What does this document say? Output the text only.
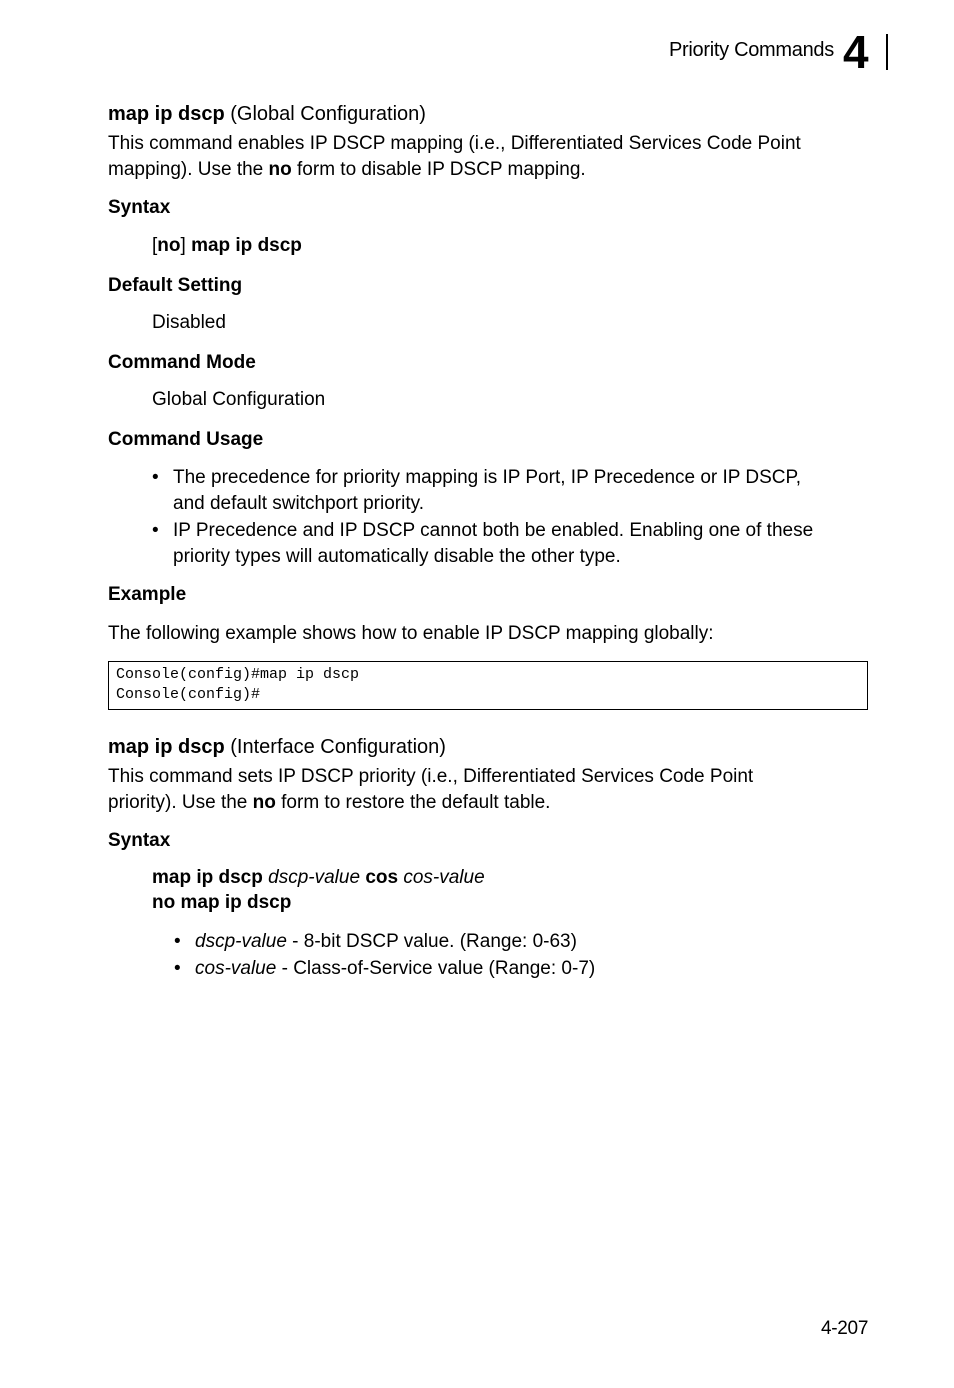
Priority Commands 4
map ip dscp (Global Configuration)
This command enables IP DSCP mapping (i.e., Differentiated Services Code Point
mapping). Use the no form to disable IP DSCP mapping.
Syntax
[no] map ip dscp
Default Setting
Disabled
Command Mode
Global Configuration
Command Usage
• The precedence for priority mapping is IP Port, IP Precedence or IP DSCP,
and default switchport priority.
• IP Precedence and IP DSCP cannot both be enabled. Enabling one of these
priority types will automatically disable the other type.
Example
The following example shows how to enable IP DSCP mapping globally:
Console(config)#map ip dscp
Console(config)#
map ip dscp (Interface Configuration)
This command sets IP DSCP priority (i.e., Differentiated Services Code Point
priority). Use the no form to restore the default table.
Syntax
map ip dscp dscp-value cos cos-value
no map ip dscp
• dscp-value - 8-bit DSCP value. (Range: 0-63)
• cos-value - Class-of-Service value (Range: 0-7)
4-207
